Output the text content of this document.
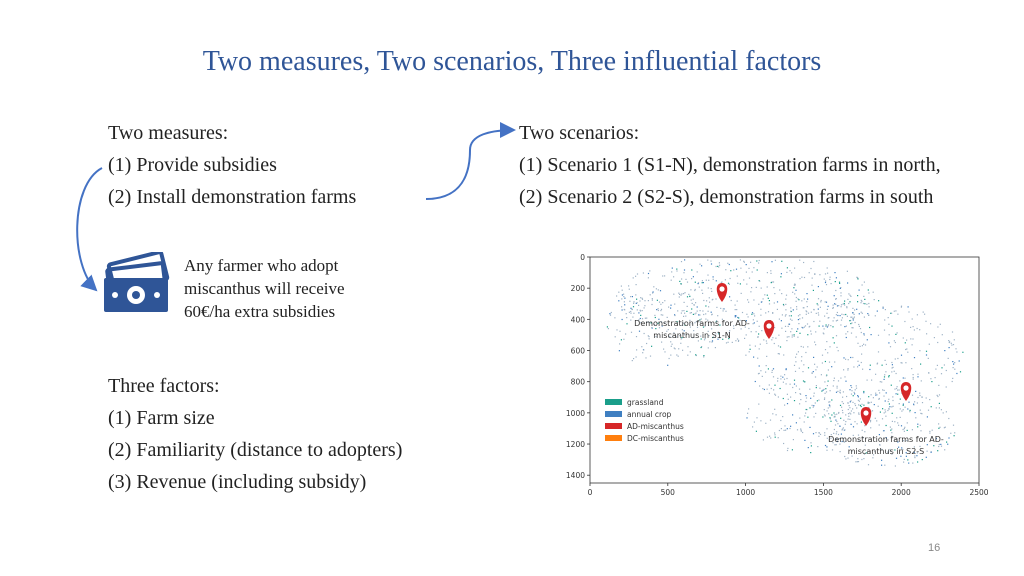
Two measures, Two scenarios, Three influential factors
Two measures:
(1) Provide subsidies
(2) Install demonstration farms
Two scenarios:
(1) Scenario 1 (S1-N), demonstration farms in north,
(2) Scenario 2 (S2-S), demonstration farms in south
Any farmer who adopt
miscanthus will receive
60€/ha extra subsidies
Three factors:
(1) Farm size
(2) Familiarity (distance to adopters)
(3) Revenue (including subsidy)	0	500	1000	1500	2000	2500
0
200
400
600
800
1000
1200
1400
grassland
annual crop
AD-miscanthus
DC-miscanthus
Demonstration farms for AD-
miscanthus in S1-N
Demonstration farms for AD-
miscanthus in S2-S
16
